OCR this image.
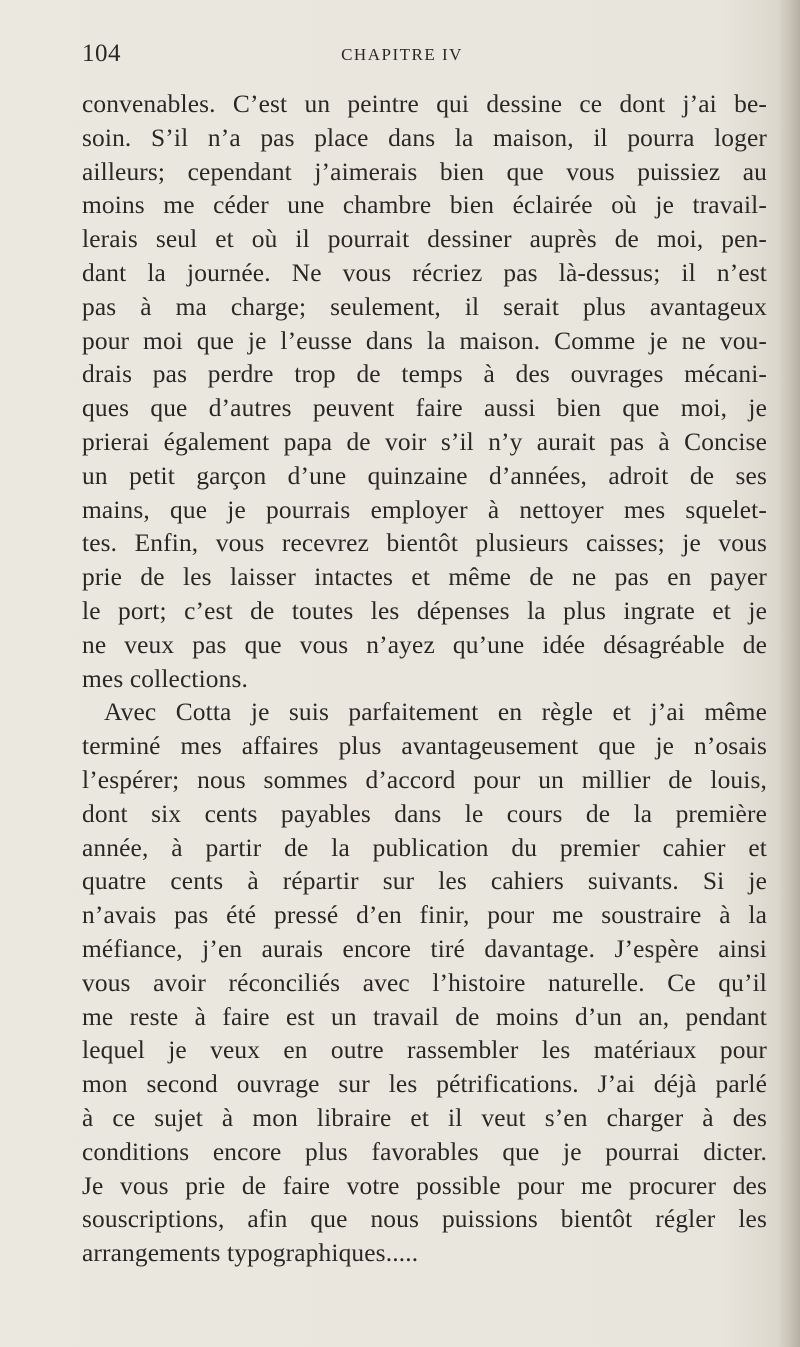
104	CHAPITRE IV
convenables. C’est un peintre qui dessine ce dont j’ai be-
soin. S’il n’a pas place dans la maison, il pourra loger
ailleurs; cependant j’aimerais bien que vous puissiez au
moins me céder une chambre bien éclairée où je travail-
lerais seul et où il pourrait dessiner auprès de moi, pen-
dant la journée. Ne vous récriez pas là-dessus; il n’est
pas à ma charge; seulement, il serait plus avantageux
pour moi que je l’eusse dans la maison. Comme je ne vou-
drais pas perdre trop de temps à des ouvrages mécani-
ques que d’autres peuvent faire aussi bien que moi, je
prierai également papa de voir s’il n’y aurait pas à Concise
un petit garçon d’une quinzaine d’années, adroit de ses
mains, que je pourrais employer à nettoyer mes squelet-
tes. Enfin, vous recevrez bientôt plusieurs caisses; je vous
prie de les laisser intactes et même de ne pas en payer
le port; c’est de toutes les dépenses la plus ingrate et je
ne veux pas que vous n’ayez qu’une idée désagréable de
mes collections.
Avec Cotta je suis parfaitement en règle et j’ai même
terminé mes affaires plus avantageusement que je n’osais
l’espérer; nous sommes d’accord pour un millier de louis,
dont six cents payables dans le cours de la première
année, à partir de la publication du premier cahier et
quatre cents à répartir sur les cahiers suivants. Si je
n’avais pas été pressé d’en finir, pour me soustraire à la
méfiance, j’en aurais encore tiré davantage. J’espère ainsi
vous avoir réconciliés avec l’histoire naturelle. Ce qu’il
me reste à faire est un travail de moins d’un an, pendant
lequel je veux en outre rassembler les matériaux pour
mon second ouvrage sur les pétrifications. J’ai déjà parlé
à ce sujet à mon libraire et il veut s’en charger à des
conditions encore plus favorables que je pourrai dicter.
Je vous prie de faire votre possible pour me procurer des
souscriptions, afin que nous puissions bientôt régler les
arrangements typographiques.....
